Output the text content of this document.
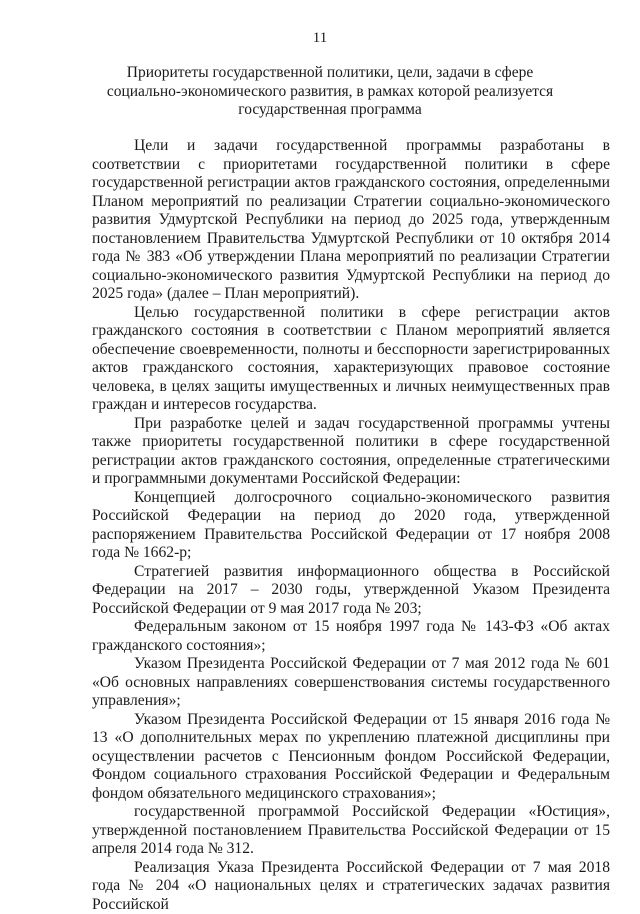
11
Приоритеты государственной политики, цели, задачи в сфере
социально-экономического развития, в рамках которой реализуется
государственная программа

Цели и задачи государственной программы разработаны в соответствии с приоритетами государственной политики в сфере государственной регистрации актов гражданского состояния, определенными Планом мероприятий по реализации Стратегии социально-экономического развития Удмуртской Республики на период до 2025 года, утвержденным постановлением Правительства Удмуртской Республики от 10 октября 2014 года № 383 «Об утверждении Плана мероприятий по реализации Стратегии социально-экономического развития Удмуртской Республики на период до 2025 года» (далее – План мероприятий).

Целью государственной политики в сфере регистрации актов гражданского состояния в соответствии с Планом мероприятий является обеспечение своевременности, полноты и бесспорности зарегистрированных актов гражданского состояния, характеризующих правовое состояние человека, в целях защиты имущественных и личных неимущественных прав граждан и интересов государства.

При разработке целей и задач государственной программы учтены также приоритеты государственной политики в сфере государственной регистрации актов гражданского состояния, определенные стратегическими и программными документами Российской Федерации:

Концепцией долгосрочного социально-экономического развития Российской Федерации на период до 2020 года, утвержденной распоряжением Правительства Российской Федерации от 17 ноября 2008 года № 1662-р;

Стратегией развития информационного общества в Российской Федерации на 2017 – 2030 годы, утвержденной Указом Президента Российской Федерации от 9 мая 2017 года № 203;

Федеральным законом от 15 ноября 1997 года № 143-ФЗ «Об актах гражданского состояния»;

Указом Президента Российской Федерации от 7 мая 2012 года № 601 «Об основных направлениях совершенствования системы государственного управления»;

Указом Президента Российской Федерации от 15 января 2016 года № 13 «О дополнительных мерах по укреплению платежной дисциплины при осуществлении расчетов с Пенсионным фондом Российской Федерации, Фондом социального страхования Российской Федерации и Федеральным фондом обязательного медицинского страхования»;

государственной программой Российской Федерации «Юстиция», утвержденной постановлением Правительства Российской Федерации от 15 апреля 2014 года № 312.

Реализация Указа Президента Российской Федерации от 7 мая 2018 года № 204 «О национальных целях и стратегических задачах развития Российской
